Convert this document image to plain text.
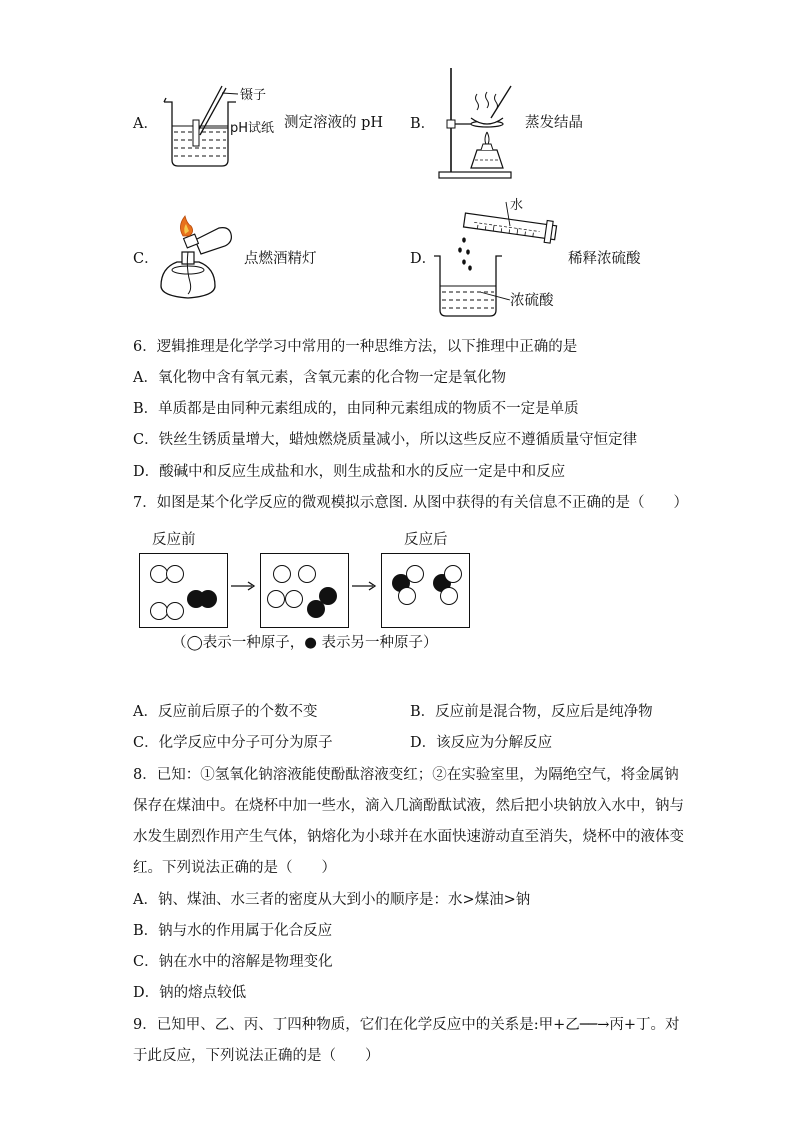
A．
镊子
pH试纸 测定溶液的 pH B．	蒸发结晶
C．	点燃酒精灯	D．
水
浓硫酸
稀释浓硫酸
6．逻辑推理是化学学习中常用的一种思维方法，以下推理中正确的是
A．氧化物中含有氧元素，含氧元素的化合物一定是氧化物
B．单质都是由同种元素组成的，由同种元素组成的物质不一定是单质
C．铁丝生锈质量增大，蜡烛燃烧质量减小，所以这些反应不遵循质量守恒定律
D．酸碱中和反应生成盐和水，则生成盐和水的反应一定是中和反应
7．如图是某个化学反应的微观模拟示意图. 从图中获得的有关信息不正确的是（　　）
反应前	反应后
（◯表示一种原子，● 表示另一种原子）
A．反应前后原子的个数不变	B．反应前是混合物，反应后是纯净物
C．化学反应中分子可分为原子	D．该反应为分解反应
8．已知：①氢氧化钠溶液能使酚酞溶液变红；②在实验室里，为隔绝空气，将金属钠
保存在煤油中。在烧杯中加一些水，滴入几滴酚酞试液，然后把小块钠放入水中，钠与
水发生剧烈作用产生气体，钠熔化为小球并在水面快速游动直至消失，烧杯中的液体变
红。下列说法正确的是（　　）
A．钠、煤油、水三者的密度从大到小的顺序是：水>煤油>钠
B．钠与水的作用属于化合反应
C．钠在水中的溶解是物理变化
D．钠的熔点较低
9．已知甲、乙、丙、丁四种物质，它们在化学反应中的关系是:甲+乙──→丙+丁。对
于此反应，下列说法正确的是（　　）
